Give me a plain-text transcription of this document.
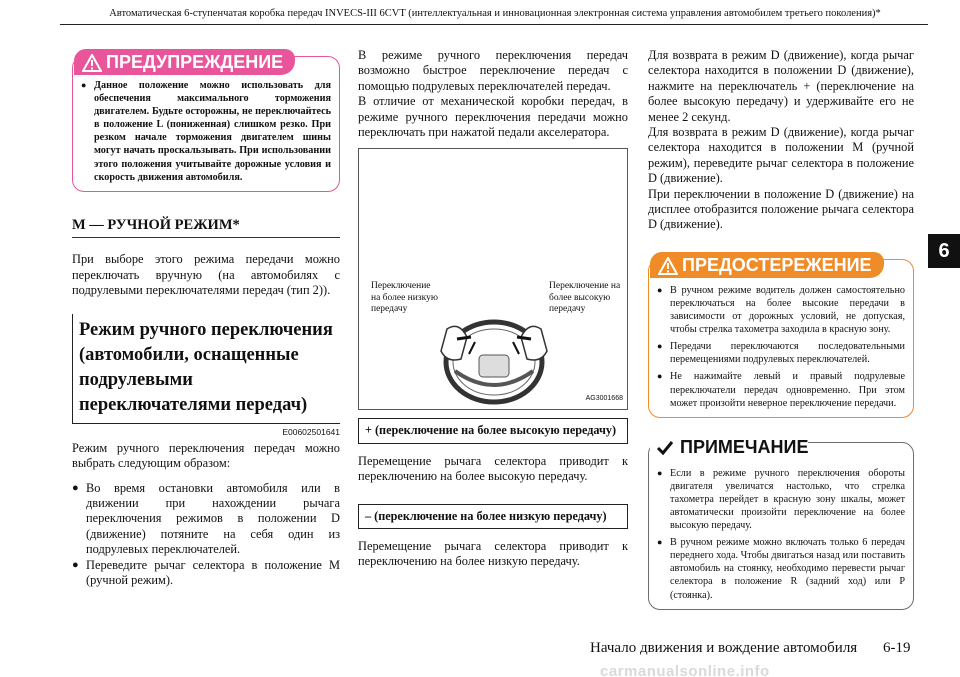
Автоматическая 6-ступенчатая коробка передач INVECS-III 6CVT (интеллектуальная и инновационная электронная система управления автомобилем третьего поколения)*
ПРЕДУПРЕЖДЕНИЕ
● Данное положение можно использовать для обеспечения максимального торможения двигателем. Будьте осторожны, не переключайтесь в положение L (пониженная) слишком резко. При резком начале торможения двигателем шины могут начать проскальзывать. При использовании этого положения учитывайте дорожные условия и скорость движения автомобиля.
М — РУЧНОЙ РЕЖИМ*

При выборе этого режима передачи можно переключать вручную (на автомобилях с подрулевыми переключателями передач (тип 2)).

Режим ручного переключения (автомобили, оснащенные подрулевыми переключателями передач)
E00602501641

Режим ручного переключения передач можно выбрать следующим образом:

● Во время остановки автомобиля или в движении при нахождении рычага переключения режимов в положении D (движение) потяните на себя один из подрулевых переключателей.
● Переведите рычаг селектора в положение М (ручной режим).

В режиме ручного переключения передач возможно быстрое переключение передач с помощью подрулевых переключателей передач.

В отличие от механической коробки передач, в режиме ручного переключения передачи можно переключать при нажатой педали акселератора.

Переключение на более низкую передачу
Переключение на более высокую передачу
AG3001668
+ (переключение на более высокую передачу)

Перемещение рычага селектора приводит к переключению на более высокую передачу.

– (переключение на более низкую передачу)

Перемещение рычага селектора приводит к переключению на более низкую передачу.

Для возврата в режим D (движение), когда рычаг селектора находится в положении D (движение), нажмите на переключатель + (переключение на более высокую передачу) и удерживайте его не менее 2 секунд.

Для возврата в режим D (движение), когда рычаг селектора находится в положении М (ручной режим), переведите рычаг селектора в положение D (движение).

При переключении в положение D (движение) на дисплее отобразится положение рычага селектора D (движение).

ПРЕДОСТЕРЕЖЕНИЕ
● В ручном режиме водитель должен самостоятельно переключаться на более высокие передачи в зависимости от дорожных условий, не допуская, чтобы стрелка тахометра заходила в красную зону.
● Передачи переключаются последовательными перемещениями подрулевых переключателей.
● Не нажимайте левый и правый подрулевые переключатели передач одновременно. При этом может произойти неверное переключение передачи.
ПРИМЕЧАНИЕ
● Если в режиме ручного переключения обороты двигателя увеличатся настолько, что стрелка тахометра перейдет в красную зону шкалы, может автоматически произойти переключение на более высокую передачу.
● В ручном режиме можно включать только 6 передач переднего хода. Чтобы двигаться назад или поставить автомобиль на стоянку, необходимо перевести рычаг селектора в положение R (задний ход) или P (стоянка).
6
Начало движения и вождение автомобиля 6-19
carmanualsonline.info
